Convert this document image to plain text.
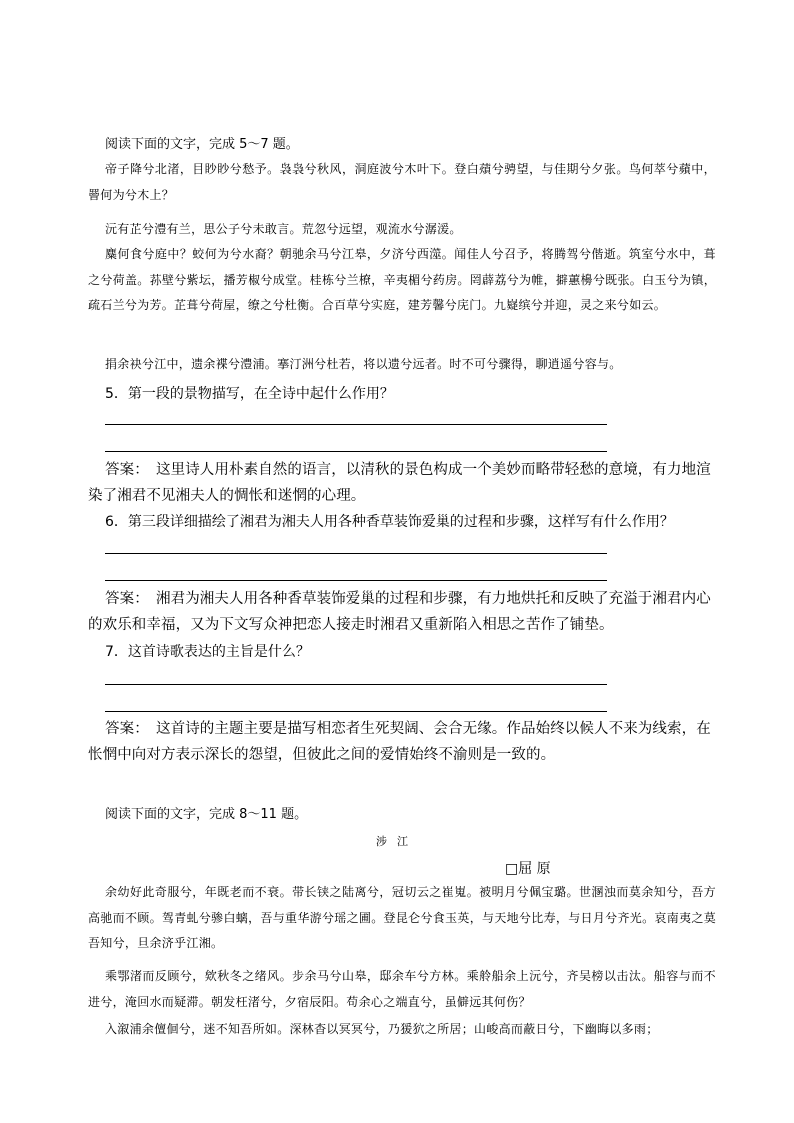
阅读下面的文字，完成 5～7 题。

帝子降兮北渚，目眇眇兮愁予。袅袅兮秋风，洞庭波兮木叶下。登白薠兮骋望，与佳期兮夕张。鸟何萃兮蘋中，罾何为兮木上？

沅有芷兮澧有兰，思公子兮未敢言。荒忽兮远望，观流水兮潺湲。

麋何食兮庭中？蛟何为兮水裔？朝驰余马兮江皋，夕济兮西澨。闻佳人兮召予，将腾驾兮偕逝。筑室兮水中，葺之兮荷盖。荪壁兮紫坛，播芳椒兮成堂。桂栋兮兰橑，辛夷楣兮药房。罔薜荔兮为帷，擗蕙櫋兮既张。白玉兮为镇，疏石兰兮为芳。芷葺兮荷屋，缭之兮杜衡。合百草兮实庭，建芳馨兮庑门。九嶷缤兮并迎，灵之来兮如云。

捐余袂兮江中，遗余褋兮澧浦。搴汀洲兮杜若，将以遗兮远者。时不可兮骤得，聊逍遥兮容与。

5．第一段的景物描写，在全诗中起什么作用？

答案： 这里诗人用朴素自然的语言，以清秋的景色构成一个美妙而略带轻愁的意境，有力地渲染了湘君不见湘夫人的惆怅和迷惘的心理。

6．第三段详细描绘了湘君为湘夫人用各种香草装饰爱巢的过程和步骤，这样写有什么作用？

答案： 湘君为湘夫人用各种香草装饰爱巢的过程和步骤，有力地烘托和反映了充溢于湘君内心的欢乐和幸福，又为下文写众神把恋人接走时湘君又重新陷入相思之苦作了铺垫。

7．这首诗歌表达的主旨是什么？

答案： 这首诗的主题主要是描写相恋者生死契阔、会合无缘。作品始终以候人不来为线索，在怅惘中向对方表示深长的怨望，但彼此之间的爱情始终不渝则是一致的。

阅读下面的文字，完成 8～11 题。

涉江

□屈 原

余幼好此奇服兮，年既老而不衰。带长铗之陆离兮，冠切云之崔嵬。被明月兮佩宝璐。世溷浊而莫余知兮，吾方高驰而不顾。驾青虬兮骖白螭，吾与重华游兮瑶之圃。登昆仑兮食玉英，与天地兮比寿，与日月兮齐光。哀南夷之莫吾知兮，旦余济乎江湘。

乘鄂渚而反顾兮，欸秋冬之绪风。步余马兮山皋，邸余车兮方林。乘舲船余上沅兮，齐吴榜以击汰。船容与而不进兮，淹回水而疑滞。朝发枉渚兮，夕宿辰阳。苟余心之端直兮，虽僻远其何伤？

入溆浦余儃佪兮，迷不知吾所如。深林杳以冥冥兮，乃猨狖之所居；山峻高而蔽日兮，下幽晦以多雨；
